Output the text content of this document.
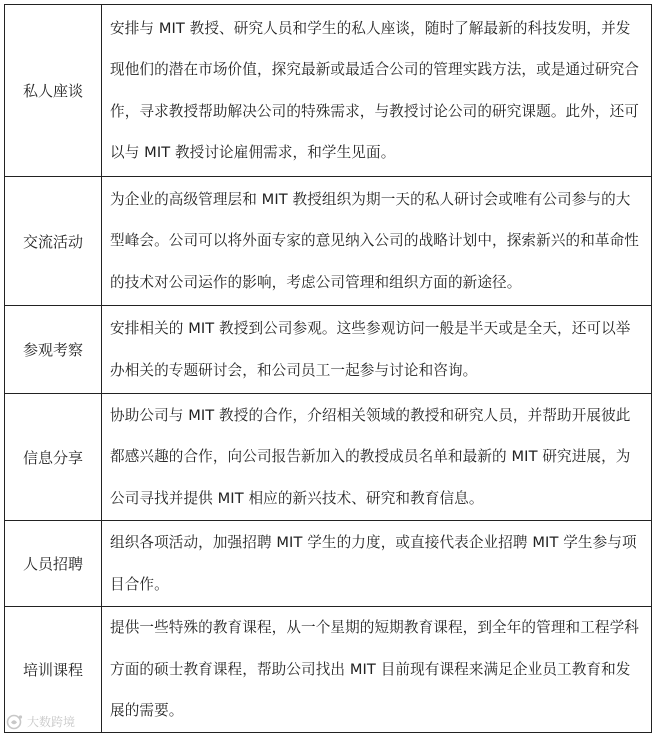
私人座谈	安排与 MIT 教授、研究人员和学生的私人座谈，随时了解最新的科技发明，并发现他们的潜在市场价值，探究最新或最适合公司的管理实践方法，或是通过研究合作，寻求教授帮助解决公司的特殊需求，与教授讨论公司的研究课题。此外，还可以与 MIT 教授讨论雇佣需求，和学生见面。
交流活动	为企业的高级管理层和 MIT 教授组织为期一天的私人研讨会或唯有公司参与的大型峰会。公司可以将外面专家的意见纳入公司的战略计划中，探索新兴的和革命性的技术对公司运作的影响，考虑公司管理和组织方面的新途径。
参观考察	安排相关的 MIT 教授到公司参观。这些参观访问一般是半天或是全天，还可以举办相关的专题研讨会，和公司员工一起参与讨论和咨询。
信息分享	协助公司与 MIT 教授的合作，介绍相关领域的教授和研究人员，并帮助开展彼此都感兴趣的合作，向公司报告新加入的教授成员名单和最新的 MIT 研究进展，为公司寻找并提供 MIT 相应的新兴技术、研究和教育信息。
人员招聘	组织各项活动，加强招聘 MIT 学生的力度，或直接代表企业招聘 MIT 学生参与项目合作。
培训课程	提供一些特殊的教育课程，从一个星期的短期教育课程，到全年的管理和工程学科方面的硕士教育课程，帮助公司找出 MIT 目前现有课程来满足企业员工教育和发展的需要。
大数跨境
